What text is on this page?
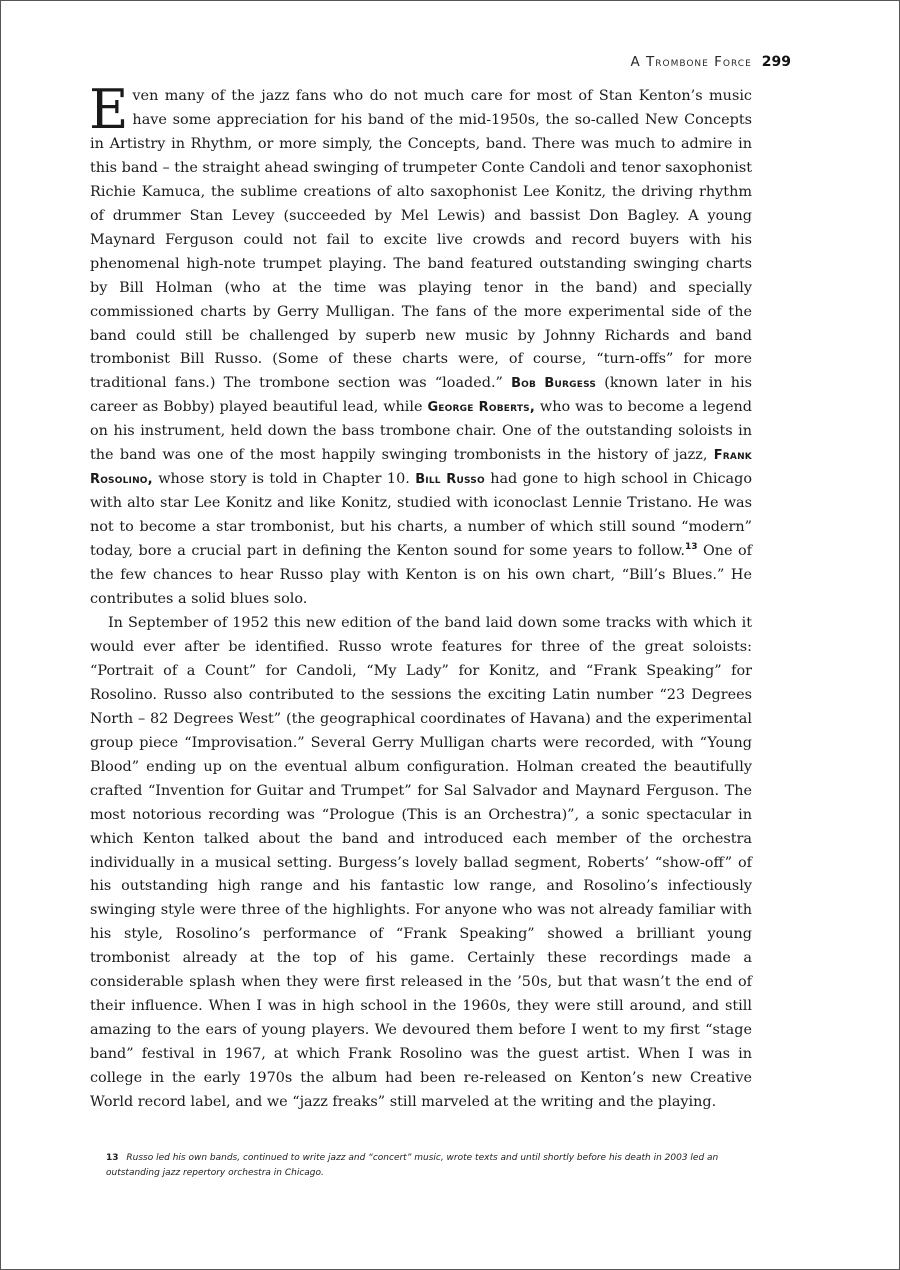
A Trombone Force 299

Even many of the jazz fans who do not much care for most of Stan Kenton’s music have some appreciation for his band of the mid-1950s, the so-called New Concepts in Artistry in Rhythm, or more simply, the Concepts, band. There was much to admire in this band – the straight ahead swinging of trumpeter Conte Candoli and tenor saxophonist Richie Kamuca, the sublime creations of alto saxophonist Lee Konitz, the driving rhythm of drummer Stan Levey (succeeded by Mel Lewis) and bassist Don Bagley. A young Maynard Ferguson could not fail to excite live crowds and record buyers with his phenomenal high-note trumpet playing. The band featured outstanding swinging charts by Bill Holman (who at the time was playing tenor in the band) and specially commissioned charts by Gerry Mulligan. The fans of the more experimental side of the band could still be challenged by superb new music by Johnny Richards and band trombonist Bill Russo. (Some of these charts were, of course, “turn-offs” for more traditional fans.) The trombone section was “loaded.” Bob Burgess (known later in his career as Bobby) played beautiful lead, while George Roberts, who was to become a legend on his instrument, held down the bass trombone chair. One of the outstanding soloists in the band was one of the most happily swinging trombonists in the history of jazz, Frank Rosolino, whose story is told in Chapter 10. Bill Russo had gone to high school in Chicago with alto star Lee Konitz and like Konitz, studied with iconoclast Lennie Tristano. He was not to become a star trombonist, but his charts, a number of which still sound “modern” today, bore a crucial part in defining the Kenton sound for some years to follow.$^{13}$ One of the few chances to hear Russo play with Kenton is on his own chart, “Bill’s Blues.” He contributes a solid blues solo.

In September of 1952 this new edition of the band laid down some tracks with which it would ever after be identified. Russo wrote features for three of the great soloists: “Portrait of a Count” for Candoli, “My Lady” for Konitz, and “Frank Speaking” for Rosolino. Russo also contributed to the sessions the exciting Latin number “23 Degrees North – 82 Degrees West” (the geographical coordinates of Havana) and the experimental group piece “Improvisation.” Several Gerry Mulligan charts were recorded, with “Young Blood” ending up on the eventual album configuration. Holman created the beautifully crafted “Invention for Guitar and Trumpet” for Sal Salvador and Maynard Ferguson. The most notorious recording was “Prologue (This is an Orchestra)”, a sonic spectacular in which Kenton talked about the band and introduced each member of the orchestra individually in a musical setting. Burgess’s lovely ballad segment, Roberts’ “show-off” of his outstanding high range and his fantastic low range, and Rosolino’s infectiously swinging style were three of the highlights. For anyone who was not already familiar with his style, Rosolino’s performance of “Frank Speaking” showed a brilliant young trombonist already at the top of his game. Certainly these recordings made a considerable splash when they were first released in the ’50s, but that wasn’t the end of their influence. When I was in high school in the 1960s, they were still around, and still amazing to the ears of young players. We devoured them before I went to my first “stage band” festival in 1967, at which Frank Rosolino was the guest artist. When I was in college in the early 1970s the album had been re-released on Kenton’s new Creative World record label, and we “jazz freaks” still marveled at the writing and the playing.

13 Russo led his own bands, continued to write jazz and “concert” music, wrote texts and until shortly before his death in 2003 led an outstanding jazz repertory orchestra in Chicago.
